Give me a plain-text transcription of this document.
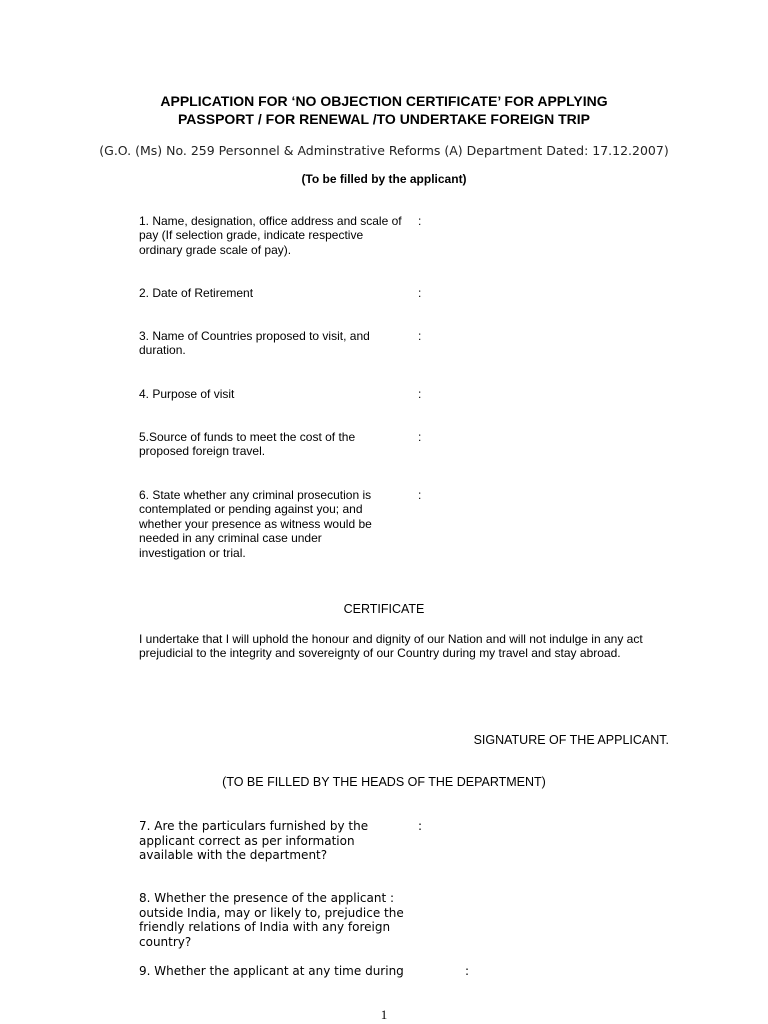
APPLICATION FOR ‘NO OBJECTION CERTIFICATE’ FOR APPLYING
PASSPORT / FOR RENEWAL /TO UNDERTAKE FOREIGN TRIP
(G.O. (Ms) No. 259 Personnel & Adminstrative Reforms (A) Department Dated: 17.12.2007)
(To be filled by the applicant)
1. Name, designation, office address and scale of pay (If selection grade, indicate respective ordinary grade scale of pay).
:
2. Date of Retirement	:
3. Name of Countries proposed to visit, and duration.
:
4. Purpose of visit	:
5.Source of funds to meet the cost of the proposed foreign travel.
:
6. State whether any criminal prosecution is contemplated or pending against you; and whether your presence as witness would be needed in any criminal case under investigation or trial.
:
CERTIFICATE
I undertake that I will uphold the honour and dignity of our Nation and will not indulge in any act prejudicial to the integrity and sovereignty of our Country during my travel and stay abroad.
SIGNATURE OF THE APPLICANT.
(TO BE FILLED BY THE HEADS OF THE DEPARTMENT)
7. Are the particulars furnished by the applicant correct as per information available with the department?
:
8. Whether the presence of the applicant : outside India, may or likely to, prejudice the friendly relations of India with any foreign country?
9. Whether the applicant at any time during	:
1
